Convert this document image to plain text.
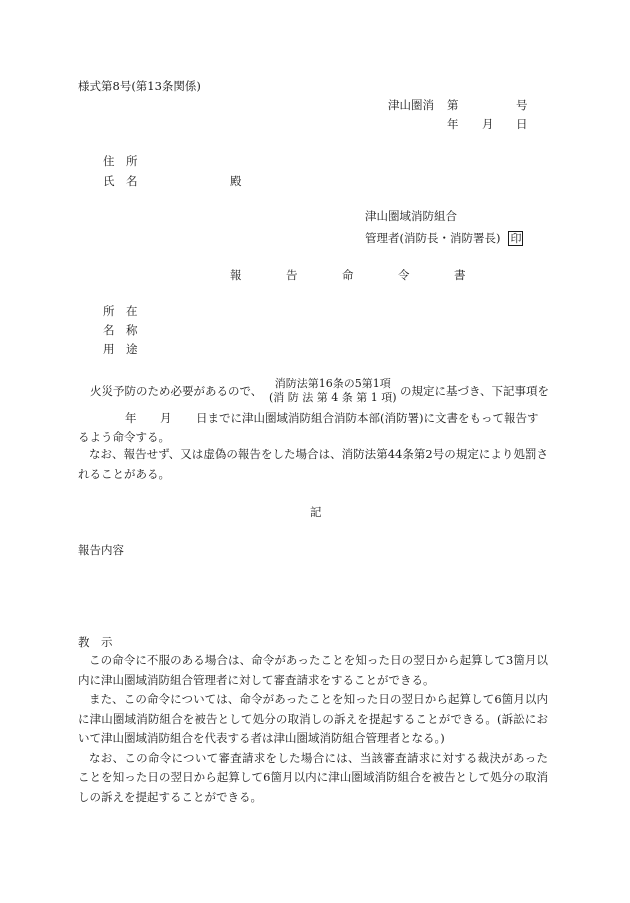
様式第8号(第13条関係)
津山圏消 第	号
年 月 日
住　所
氏　名	殿
津山圏域消防組合
管理者(消防長・消防署長) 印
報	告	命	令	書
所　在
名　称
用　途
火災予防のため必要があるので、
消防法第16条の5第1項
(消 防 法 第 4 条 第 1 項) の規定に基づき、下記事項を
年 月 日までに津山圏域消防組合消防本部(消防署)に文書をもって報告す
るよう命令する。

なお、報告せず、又は虚偽の報告をした場合は、消防法第44条第2号の規定により処罰されることがある。

記
報告内容
教　示

この命令に不服のある場合は、命令があったことを知った日の翌日から起算して3箇月以内に津山圏域消防組合管理者に対して審査請求をすることができる。

また、この命令については、命令があったことを知った日の翌日から起算して6箇月以内に津山圏域消防組合を被告として処分の取消しの訴えを提起することができる。(訴訟において津山圏域消防組合を代表する者は津山圏域消防組合管理者となる。)

なお、この命令について審査請求をした場合には、当該審査請求に対する裁決があったことを知った日の翌日から起算して6箇月以内に津山圏域消防組合を被告として処分の取消しの訴えを提起することができる。
